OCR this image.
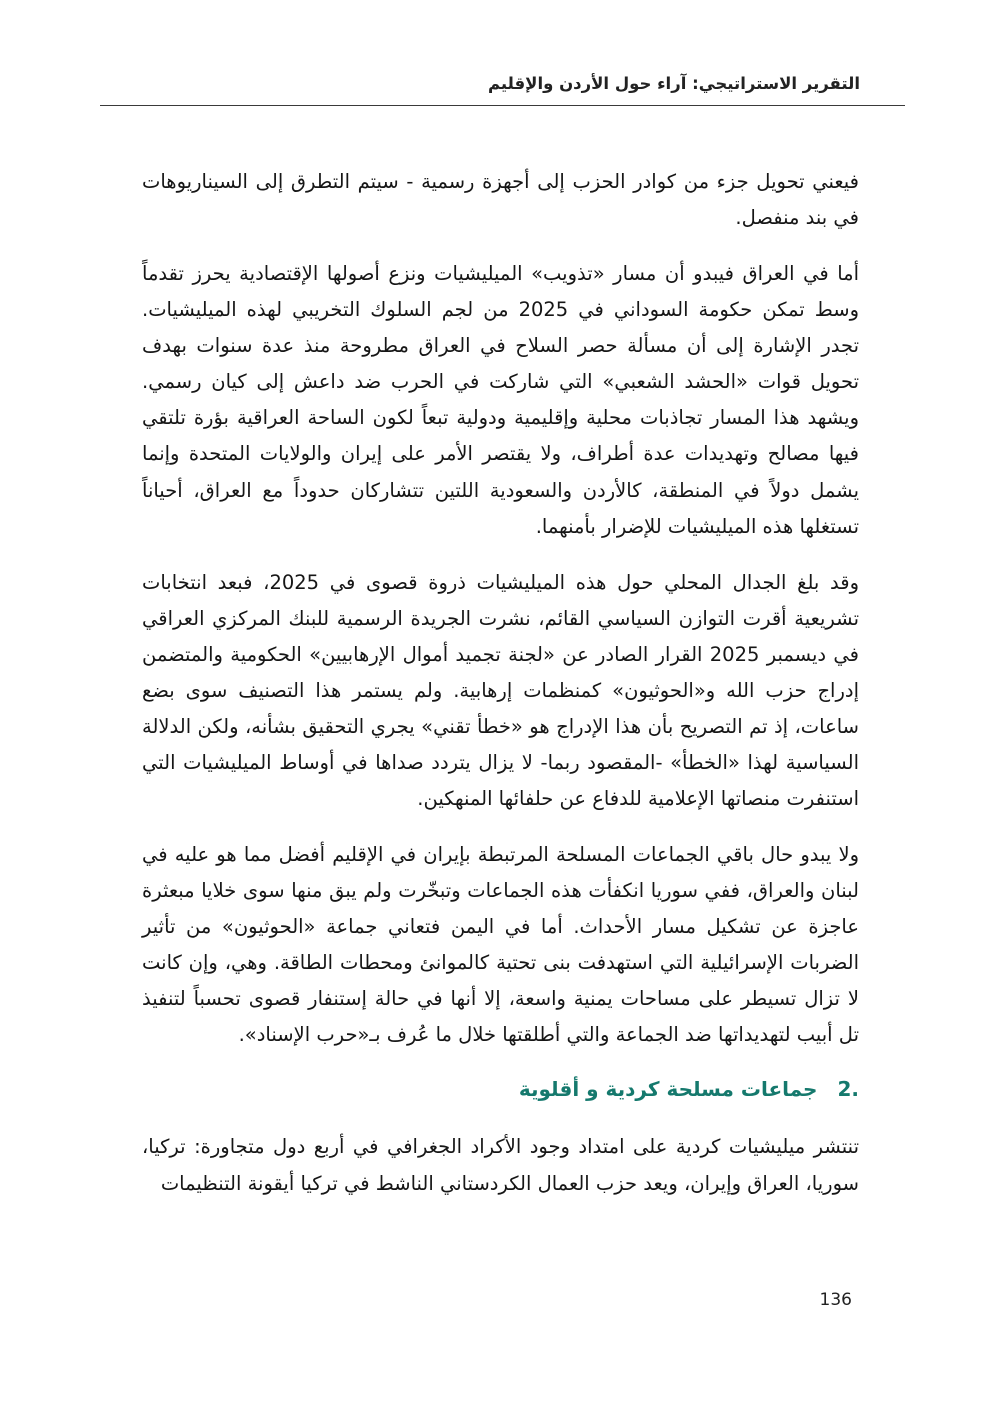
التقرير الاستراتيجي: آراء حول الأردن والإقليم

فيعني تحويل جزء من كوادر الحزب إلى أجهزة رسمية - سيتم التطرق إلى السيناريوهات في بند منفصل.

أما في العراق فيبدو أن مسار «تذويب» الميليشيات ونزع أصولها الإقتصادية يحرز تقدماً وسط تمكن حكومة السوداني في 2025 من لجم السلوك التخريبي لهذه الميليشيات. تجدر الإشارة إلى أن مسألة حصر السلاح في العراق مطروحة منذ عدة سنوات بهدف تحويل قوات «الحشد الشعبي» التي شاركت في الحرب ضد داعش إلى كيان رسمي. ويشهد هذا المسار تجاذبات محلية وإقليمية ودولية تبعاً لكون الساحة العراقية بؤرة تلتقي فيها مصالح وتهديدات عدة أطراف، ولا يقتصر الأمر على إيران والولايات المتحدة وإنما يشمل دولاً في المنطقة، كالأردن والسعودية اللتين تتشاركان حدوداً مع العراق، أحياناً تستغلها هذه الميليشيات للإضرار بأمنهما.

وقد بلغ الجدال المحلي حول هذه الميليشيات ذروة قصوى في 2025، فبعد انتخابات تشريعية أقرت التوازن السياسي القائم، نشرت الجريدة الرسمية للبنك المركزي العراقي في ديسمبر 2025 القرار الصادر عن «لجنة تجميد أموال الإرهابيين» الحكومية والمتضمن إدراج حزب الله و«الحوثيون» كمنظمات إرهابية. ولم يستمر هذا التصنيف سوى بضع ساعات، إذ تم التصريح بأن هذا الإدراج هو «خطأ تقني» يجري التحقيق بشأنه، ولكن الدلالة السياسية لهذا «الخطأ» -المقصود ربما- لا يزال يتردد صداها في أوساط الميليشيات التي استنفرت منصاتها الإعلامية للدفاع عن حلفائها المنهكين.

ولا يبدو حال باقي الجماعات المسلحة المرتبطة بإيران في الإقليم أفضل مما هو عليه في لبنان والعراق، ففي سوريا انكفأت هذه الجماعات وتبخّرت ولم يبق منها سوى خلايا مبعثرة عاجزة عن تشكيل مسار الأحداث. أما في اليمن فتعاني جماعة «الحوثيون» من تأثير الضربات الإسرائيلية التي استهدفت بنى تحتية كالموانئ ومحطات الطاقة. وهي، وإن كانت لا تزال تسيطر على مساحات يمنية واسعة، إلا أنها في حالة إستنفار قصوى تحسباً لتنفيذ تل أبيب لتهديداتها ضد الجماعة والتي أطلقتها خلال ما عُرف بـ«حرب الإسناد».

.2
جماعات مسلحة كردية و أقلوية

تنتشر ميليشيات كردية على امتداد وجود الأكراد الجغرافي في أربع دول متجاورة: تركيا، سوريا، العراق وإيران، ويعد حزب العمال الكردستاني الناشط في تركيا أيقونة التنظيمات

136
